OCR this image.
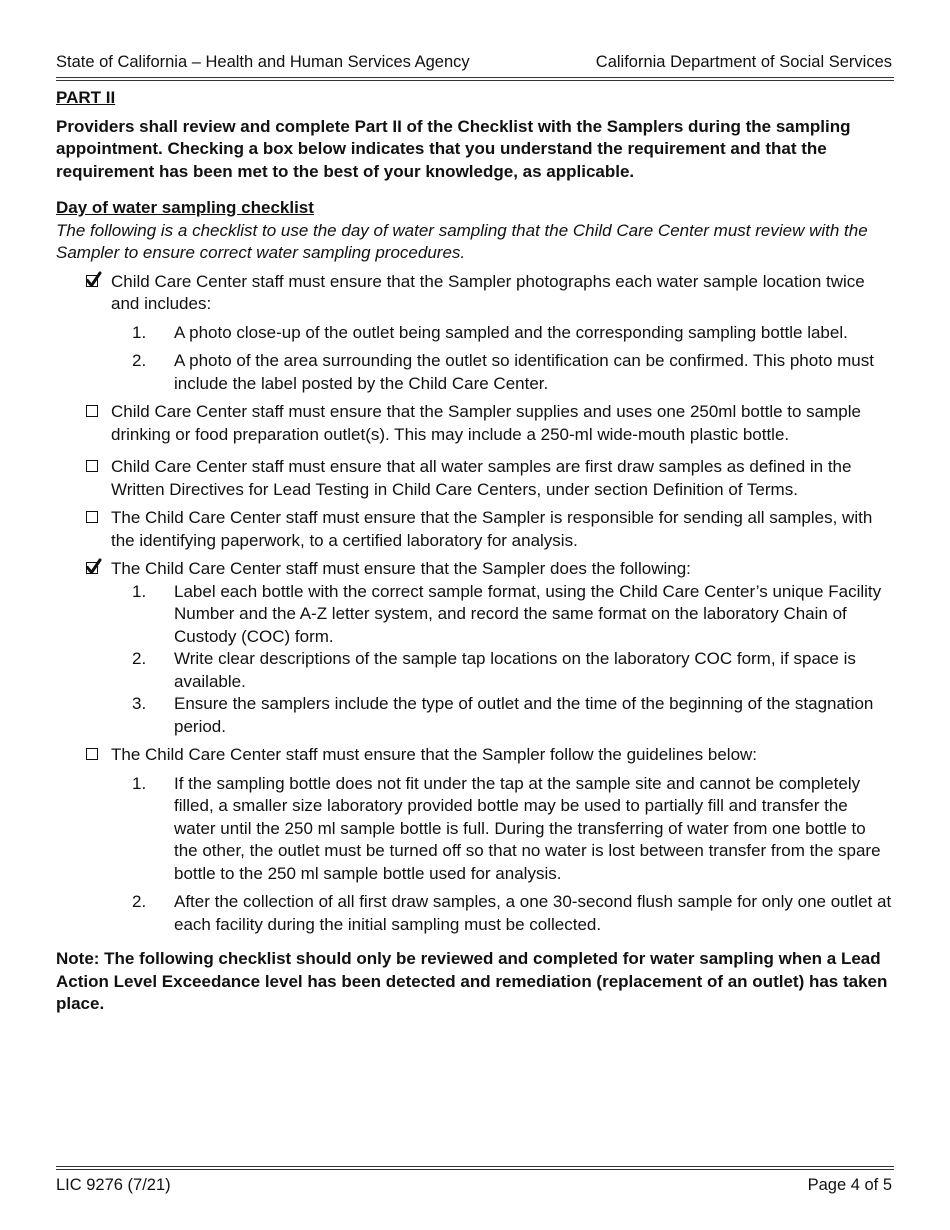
State of California – Health and Human Services Agency	California Department of Social Services

PART II

Providers shall review and complete Part II of the Checklist with the Samplers during the sampling appointment. Checking a box below indicates that you understand the requirement and that the requirement has been met to the best of your knowledge, as applicable.

Day of water sampling checklist

The following is a checklist to use the day of water sampling that the Child Care Center must review with the Sampler to ensure correct water sampling procedures.

Child Care Center staff must ensure that the Sampler photographs each water sample location twice and includes:
1. A photo close-up of the outlet being sampled and the corresponding sampling bottle label.
2. A photo of the area surrounding the outlet so identification can be confirmed. This photo must include the label posted by the Child Care Center.
Child Care Center staff must ensure that the Sampler supplies and uses one 250ml bottle to sample drinking or food preparation outlet(s). This may include a 250-ml wide-mouth plastic bottle.
Child Care Center staff must ensure that all water samples are first draw samples as defined in the Written Directives for Lead Testing in Child Care Centers, under section Definition of Terms.
The Child Care Center staff must ensure that the Sampler is responsible for sending all samples, with the identifying paperwork, to a certified laboratory for analysis.
The Child Care Center staff must ensure that the Sampler does the following:
1. Label each bottle with the correct sample format, using the Child Care Center’s unique Facility Number and the A-Z letter system, and record the same format on the laboratory Chain of Custody (COC) form.
2. Write clear descriptions of the sample tap locations on the laboratory COC form, if space is available.
3. Ensure the samplers include the type of outlet and the time of the beginning of the stagnation period.
The Child Care Center staff must ensure that the Sampler follow the guidelines below:
1. If the sampling bottle does not fit under the tap at the sample site and cannot be completely filled, a smaller size laboratory provided bottle may be used to partially fill and transfer the water until the 250 ml sample bottle is full. During the transferring of water from one bottle to the other, the outlet must be turned off so that no water is lost between transfer from the spare bottle to the 250 ml sample bottle used for analysis.
2. After the collection of all first draw samples, a one 30-second flush sample for only one outlet at each facility during the initial sampling must be collected.

Note: The following checklist should only be reviewed and completed for water sampling when a Lead Action Level Exceedance level has been detected and remediation (replacement of an outlet) has taken place.

LIC 9276 (7/21)	Page 4 of 5
